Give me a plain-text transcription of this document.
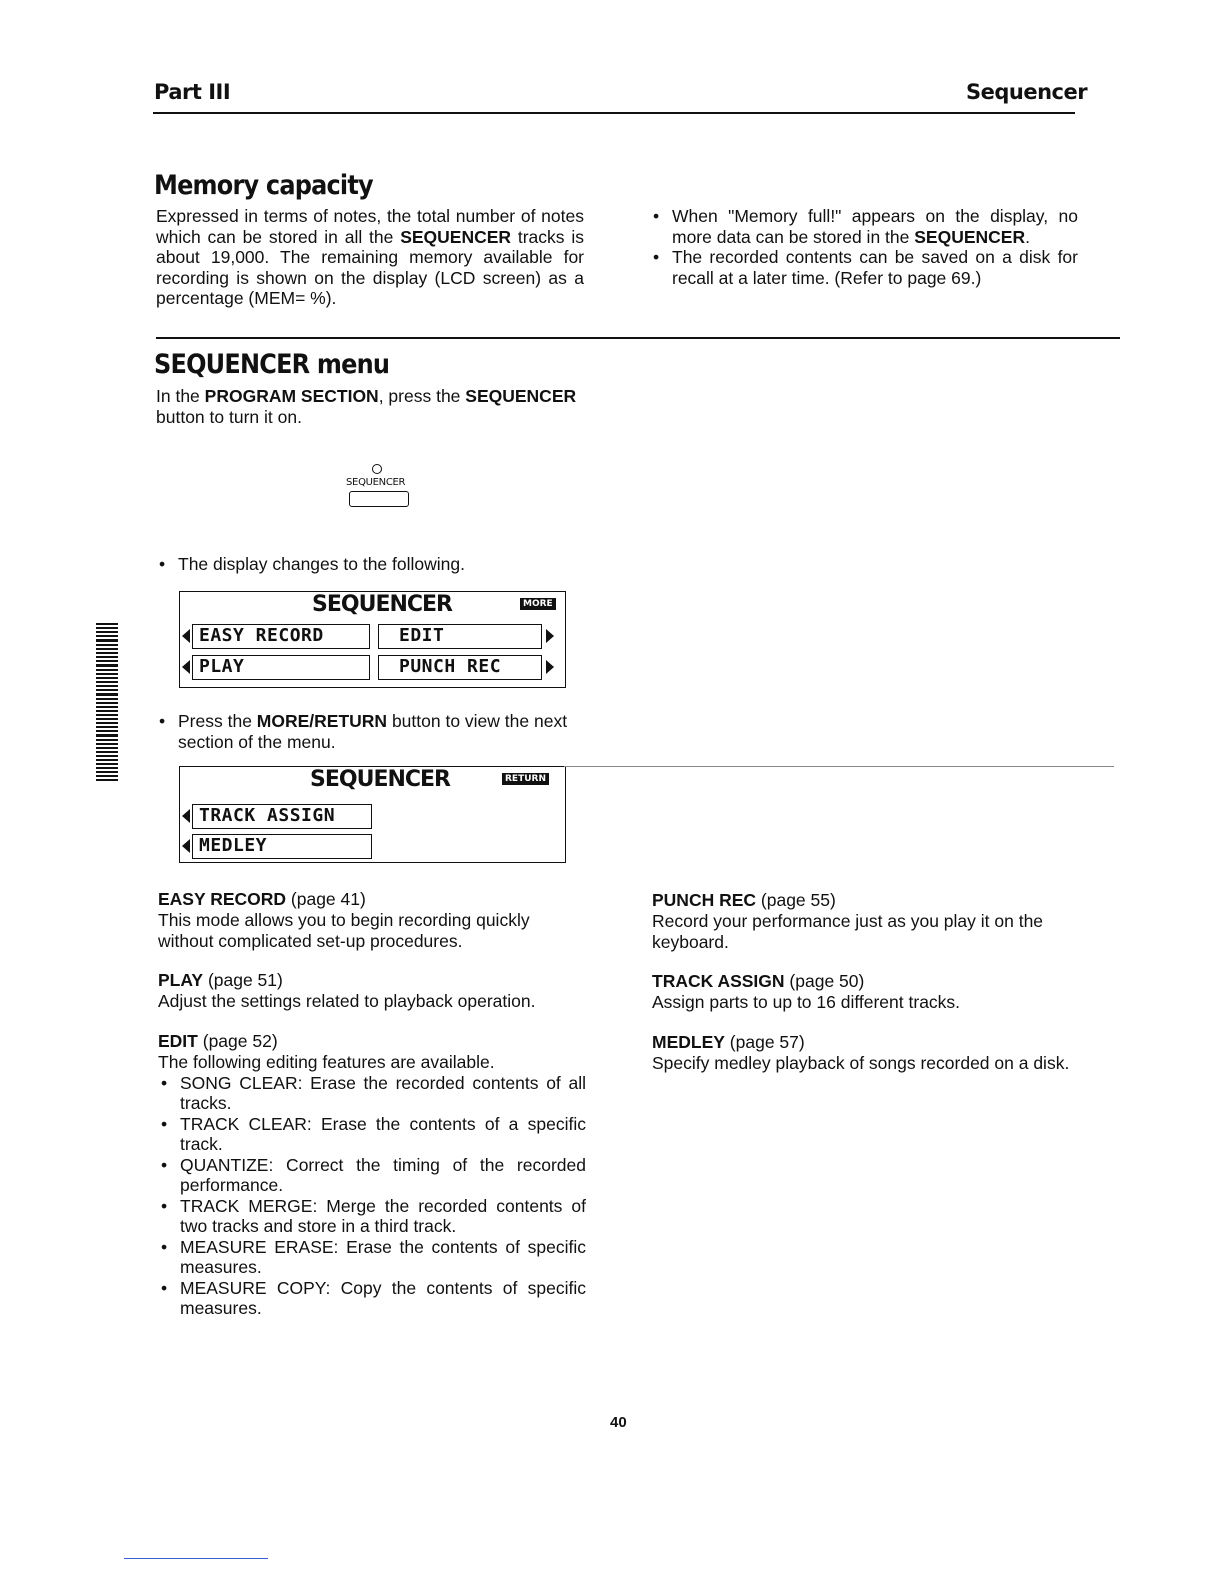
Part III	Sequencer
Memory capacity
Expressed in terms of notes, the total number of notes which can be stored in all the SEQUENCER tracks is about 19,000. The remaining memory available for recording is shown on the display (LCD screen) as a percentage (MEM= %).
• When "Memory full!" appears on the display, no more data can be stored in the SEQUENCER.
• The recorded contents can be saved on a disk for recall at a later time. (Refer to page 69.)
SEQUENCER menu
In the PROGRAM SECTION, press the SEQUENCER button to turn it on.
SEQUENCER
• The display changes to the following.
SEQUENCER	MORE
EASY RECORD	EDIT
PLAY	PUNCH REC
• Press the MORE/RETURN button to view the next section of the menu.
SEQUENCER	RETURN
TRACK ASSIGN
MEDLEY
EASY RECORD (page 41)
This mode allows you to begin recording quickly without complicated set-up procedures.
PLAY (page 51)
Adjust the settings related to playback operation.
EDIT (page 52)
The following editing features are available.
• SONG CLEAR: Erase the recorded contents of all tracks.
• TRACK CLEAR: Erase the contents of a specific track.
• QUANTIZE: Correct the timing of the recorded performance.
• TRACK MERGE: Merge the recorded contents of two tracks and store in a third track.
• MEASURE ERASE: Erase the contents of specific measures.
• MEASURE COPY: Copy the contents of specific measures.
PUNCH REC (page 55)
Record your performance just as you play it on the keyboard.
TRACK ASSIGN (page 50)
Assign parts to up to 16 different tracks.
MEDLEY (page 57)
Specify medley playback of songs recorded on a disk.
40
